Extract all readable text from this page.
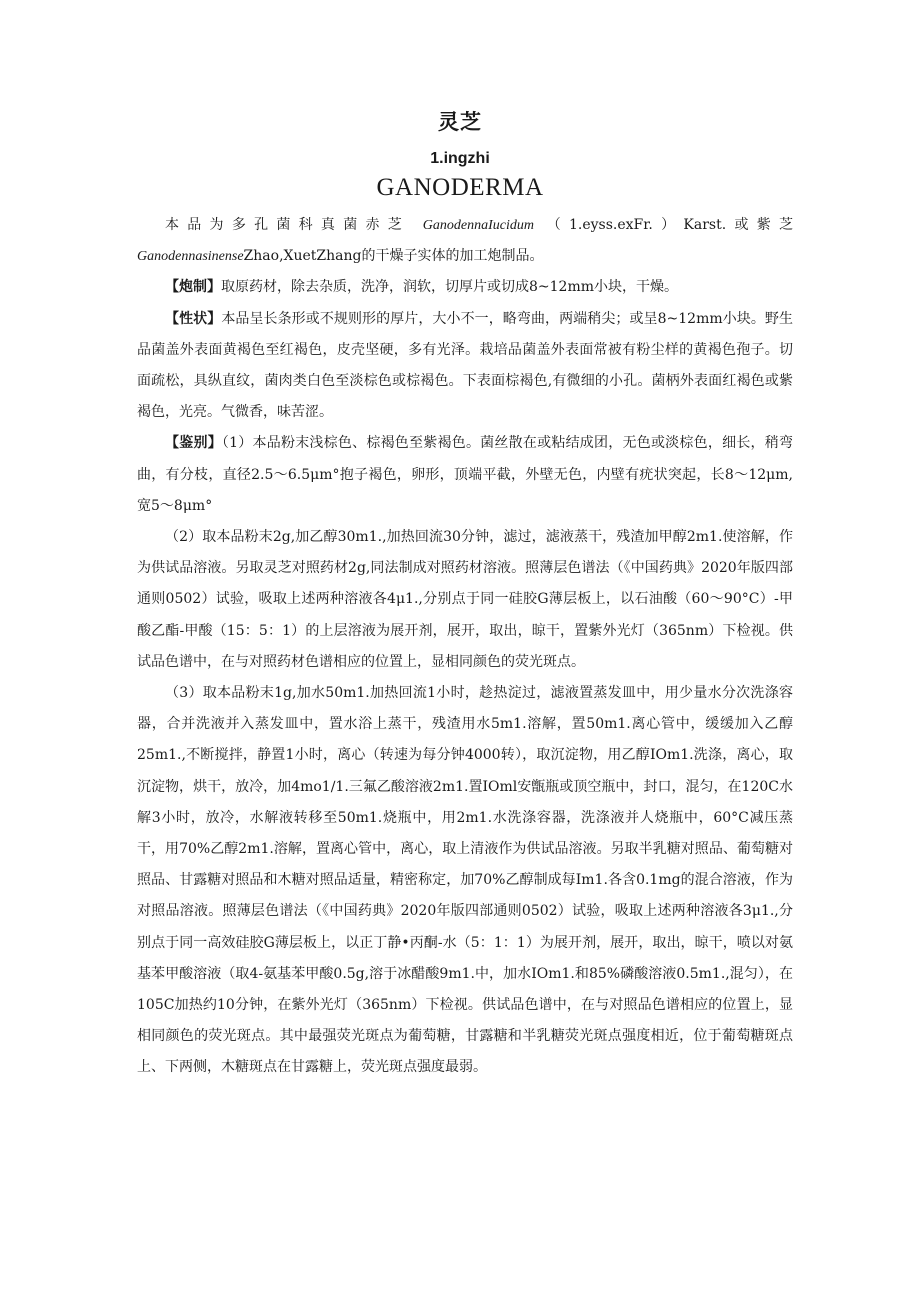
灵芝
1.ingzhi
GANODERMA

本品为多孔菌科真菌赤芝 GanodennaIucidum （1.eyss.exFr.）Karst.或紫芝 GanodennasinenseZhao,XuetZhang的干燥子实体的加工炮制品。

【炮制】取原药材，除去杂质，洗净，润软，切厚片或切成8~12mm小块，干燥。

【性状】本品呈长条形或不规则形的厚片，大小不一，略弯曲，两端稍尖；或呈8~12mm小块。野生品菌盖外表面黄褐色至红褐色，皮壳坚硬，多有光泽。栽培品菌盖外表面常被有粉尘样的黄褐色孢子。切面疏松，具纵直纹，菌肉类白色至淡棕色或棕褐色。下表面棕褐色,有微细的小孔。菌柄外表面红褐色或紫褐色，光亮。气微香，味苦涩。

【鉴别】（1）本品粉末浅棕色、棕褐色至紫褐色。菌丝散在或粘结成团，无色或淡棕色，细长，稍弯曲，有分枝，直径2.5～6.5μm°抱子褐色，卵形，顶端平截，外壁无色，内壁有疣状突起，长8～12μm,宽5～8μm°

（2）取本品粉末2g,加乙醇30m1.,加热回流30分钟，滤过，滤液蒸干，残渣加甲醇2m1.使溶解，作为供试品溶液。另取灵芝对照药材2g,同法制成对照药材溶液。照薄层色谱法（《中国药典》2020年版四部通则0502）试验，吸取上述两种溶液各4μ1.,分别点于同一硅胶G薄层板上，以石油酸（60～90°C）-甲酸乙酯-甲酸（15：5：1）的上层溶液为展开剂，展开，取出，晾干，置紫外光灯（365nm）下检视。供试品色谱中，在与对照药材色谱相应的位置上，显相同颜色的荧光斑点。

（3）取本品粉末1g,加水50m1.加热回流1小时，趁热淀过，滤液置蒸发皿中，用少量水分次洗涤容器，合并洗液并入蒸发皿中，置水浴上蒸干，残渣用水5m1.溶解，置50m1.离心管中，缓缓加入乙醇25m1.,不断搅拌，静置1小时，离心（转速为每分钟4000转），取沉淀物，用乙醇IOm1.洗涤，离心，取沉淀物，烘干，放冷，加4mo1∕1.三氟乙酸溶液2m1.置IOml安甑瓶或顶空瓶中，封口，混匀，在120C水解3小时，放冷，水解液转移至50m1.烧瓶中，用2m1.水洗涤容器，洗涤液并人烧瓶中，60°C减压蒸干，用70%乙醇2m1.溶解，置离心管中，离心，取上清液作为供试品溶液。另取半乳糖对照品、葡萄糖对照品、甘露糖对照品和木糖对照品适量，精密称定，加70%乙醇制成每Im1.各含0.1mg的混合溶液，作为对照品溶液。照薄层色谱法（《中国药典》2020年版四部通则0502）试验，吸取上述两种溶液各3μ1.,分别点于同一高效硅胶G薄层板上，以正丁静•丙酮-水（5：1：1）为展开剂，展开，取出，晾干，喷以对氨基苯甲酸溶液（取4-氨基苯甲酸0.5g,溶于冰醋酸9m1.中，加水IOm1.和85%磷酸溶液0.5m1.,混匀），在105C加热约10分钟，在紫外光灯（365nm）下检视。供试品色谱中，在与对照品色谱相应的位置上，显相同颜色的荧光斑点。其中最强荧光斑点为葡萄糖，甘露糖和半乳糖荧光斑点强度相近，位于葡萄糖斑点上、下两侧，木糖斑点在甘露糖上，荧光斑点强度最弱。
